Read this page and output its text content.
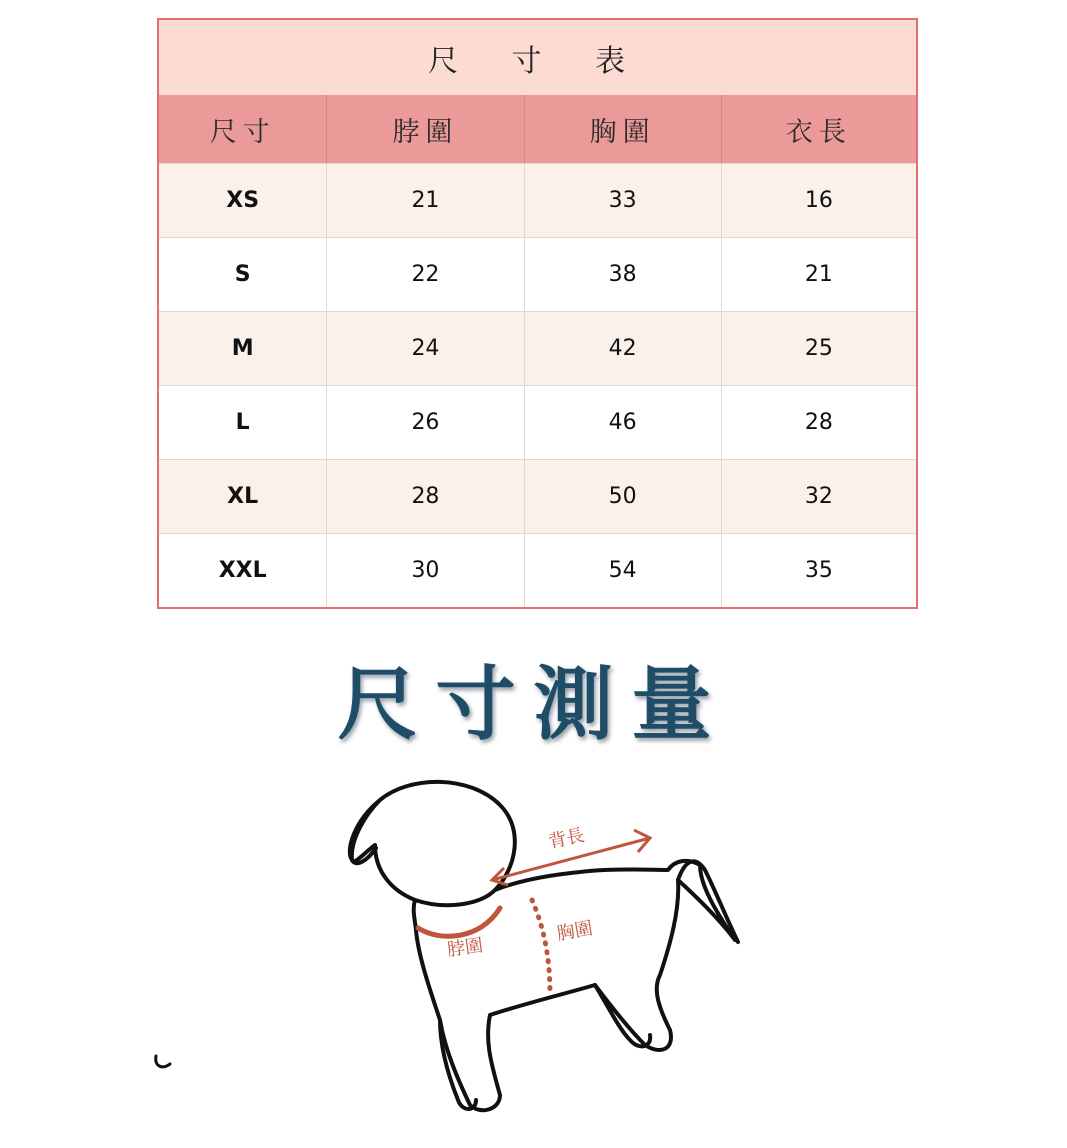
尺 寸 表
尺寸	脖圍	胸圍	衣長
XS	21	33	16
S	22	38	21
M	24	42	25
L	26	46	28
XL	28	50	32
XXL	30	54	35
尺寸測量
背長
脖圍
胸圍
